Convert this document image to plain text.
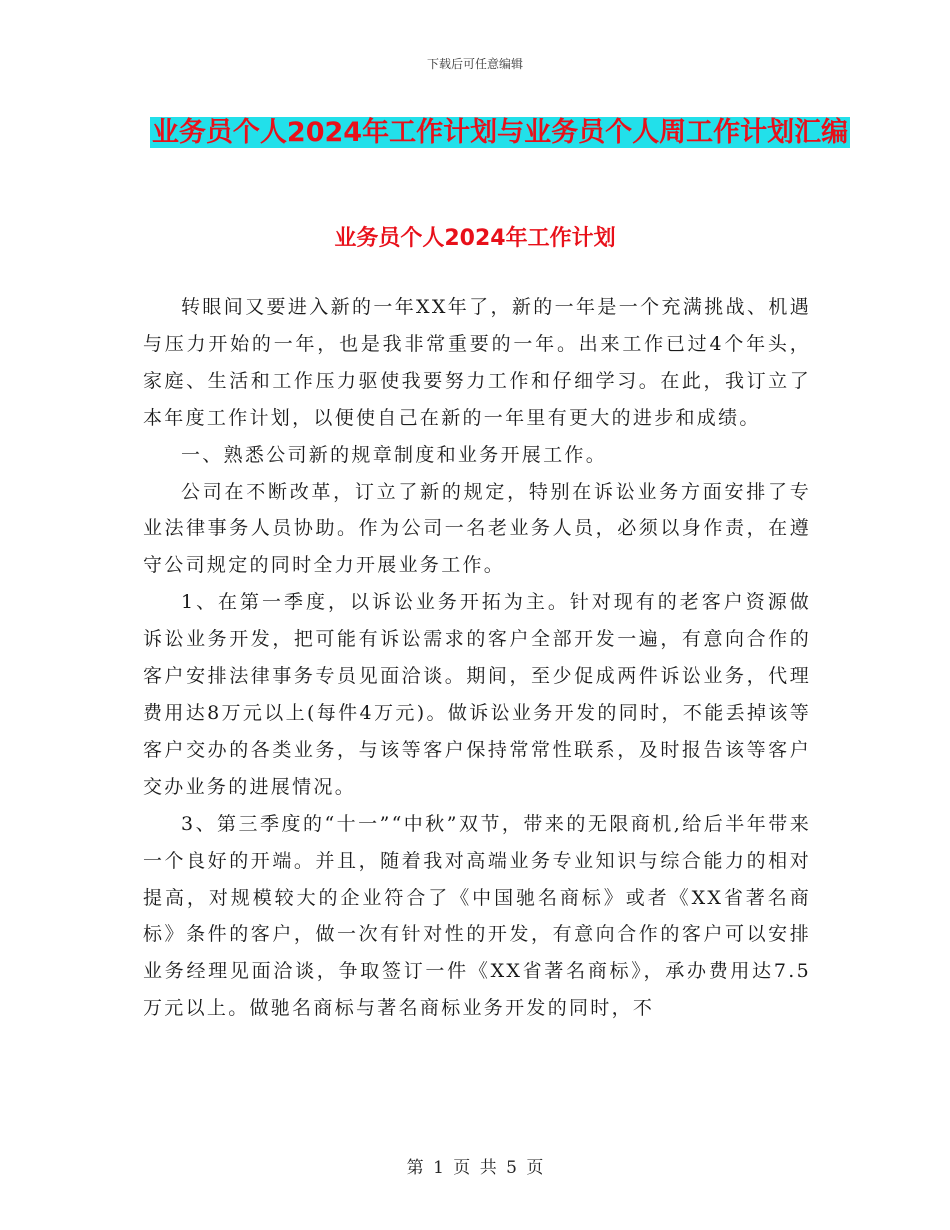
下载后可任意编辑
业务员个人2024年工作计划与业务员个人周工作计划汇编
业务员个人2024年工作计划

转眼间又要进入新的一年XX年了，新的一年是一个充满挑战、机遇与压力开始的一年，也是我非常重要的一年。出来工作已过4个年头，家庭、生活和工作压力驱使我要努力工作和仔细学习。在此，我订立了本年度工作计划，以便使自己在新的一年里有更大的进步和成绩。

一、熟悉公司新的规章制度和业务开展工作。

公司在不断改革，订立了新的规定，特别在诉讼业务方面安排了专业法律事务人员协助。作为公司一名老业务人员，必须以身作责，在遵守公司规定的同时全力开展业务工作。

1、在第一季度，以诉讼业务开拓为主。针对现有的老客户资源做诉讼业务开发，把可能有诉讼需求的客户全部开发一遍，有意向合作的客户安排法律事务专员见面洽谈。期间，至少促成两件诉讼业务，代理费用达8万元以上(每件4万元)。做诉讼业务开发的同时，不能丢掉该等客户交办的各类业务，与该等客户保持常常性联系，及时报告该等客户交办业务的进展情况。

3、第三季度的“十一”“中秋”双节，带来的无限商机,给后半年带来一个良好的开端。并且，随着我对高端业务专业知识与综合能力的相对提高，对规模较大的企业符合了《中国驰名商标》或者《XX省著名商标》条件的客户，做一次有针对性的开发，有意向合作的客户可以安排业务经理见面洽谈，争取签订一件《XX省著名商标》，承办费用达7.5万元以上。做驰名商标与著名商标业务开发的同时，不

第 1 页 共 5 页
